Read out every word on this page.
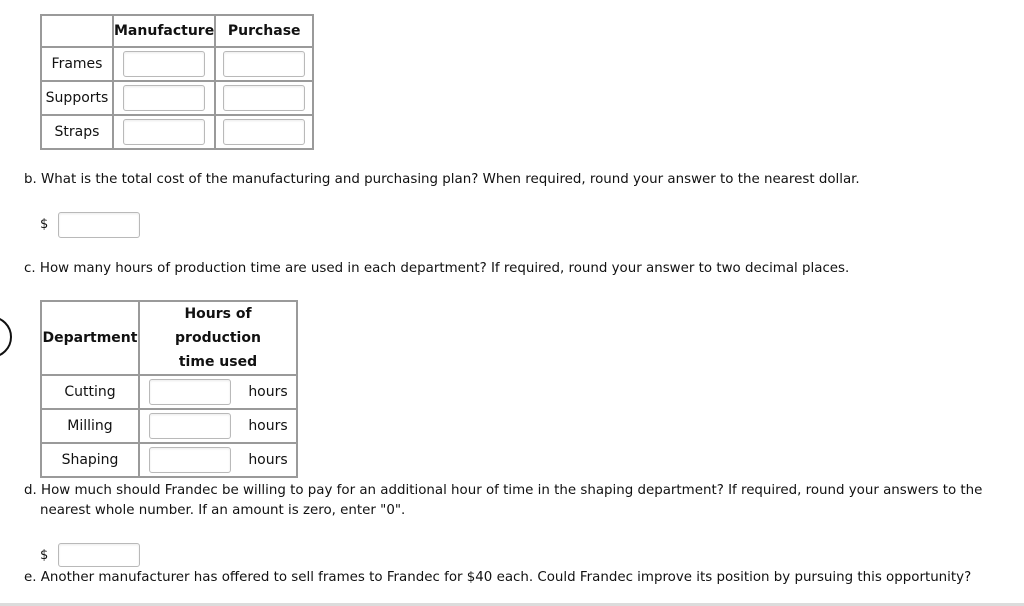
	Manufacture	Purchase
Frames	

Supports	

Straps	

b. What is the total cost of the manufacturing and purchasing plan? When required, round your answer to the nearest dollar.
$
c. How many hours of production time are used in each department? If required, round your answer to two decimal places.
Department	Hours of production
time used	

Cutting		hours
Milling		hours
Shaping		hours
d. How much should Frandec be willing to pay for an additional hour of time in the shaping department? If required, round your answers to the
nearest whole number. If an amount is zero, enter "0".
$
e. Another manufacturer has offered to sell frames to Frandec for $40 each. Could Frandec improve its position by pursuing this opportunity?
